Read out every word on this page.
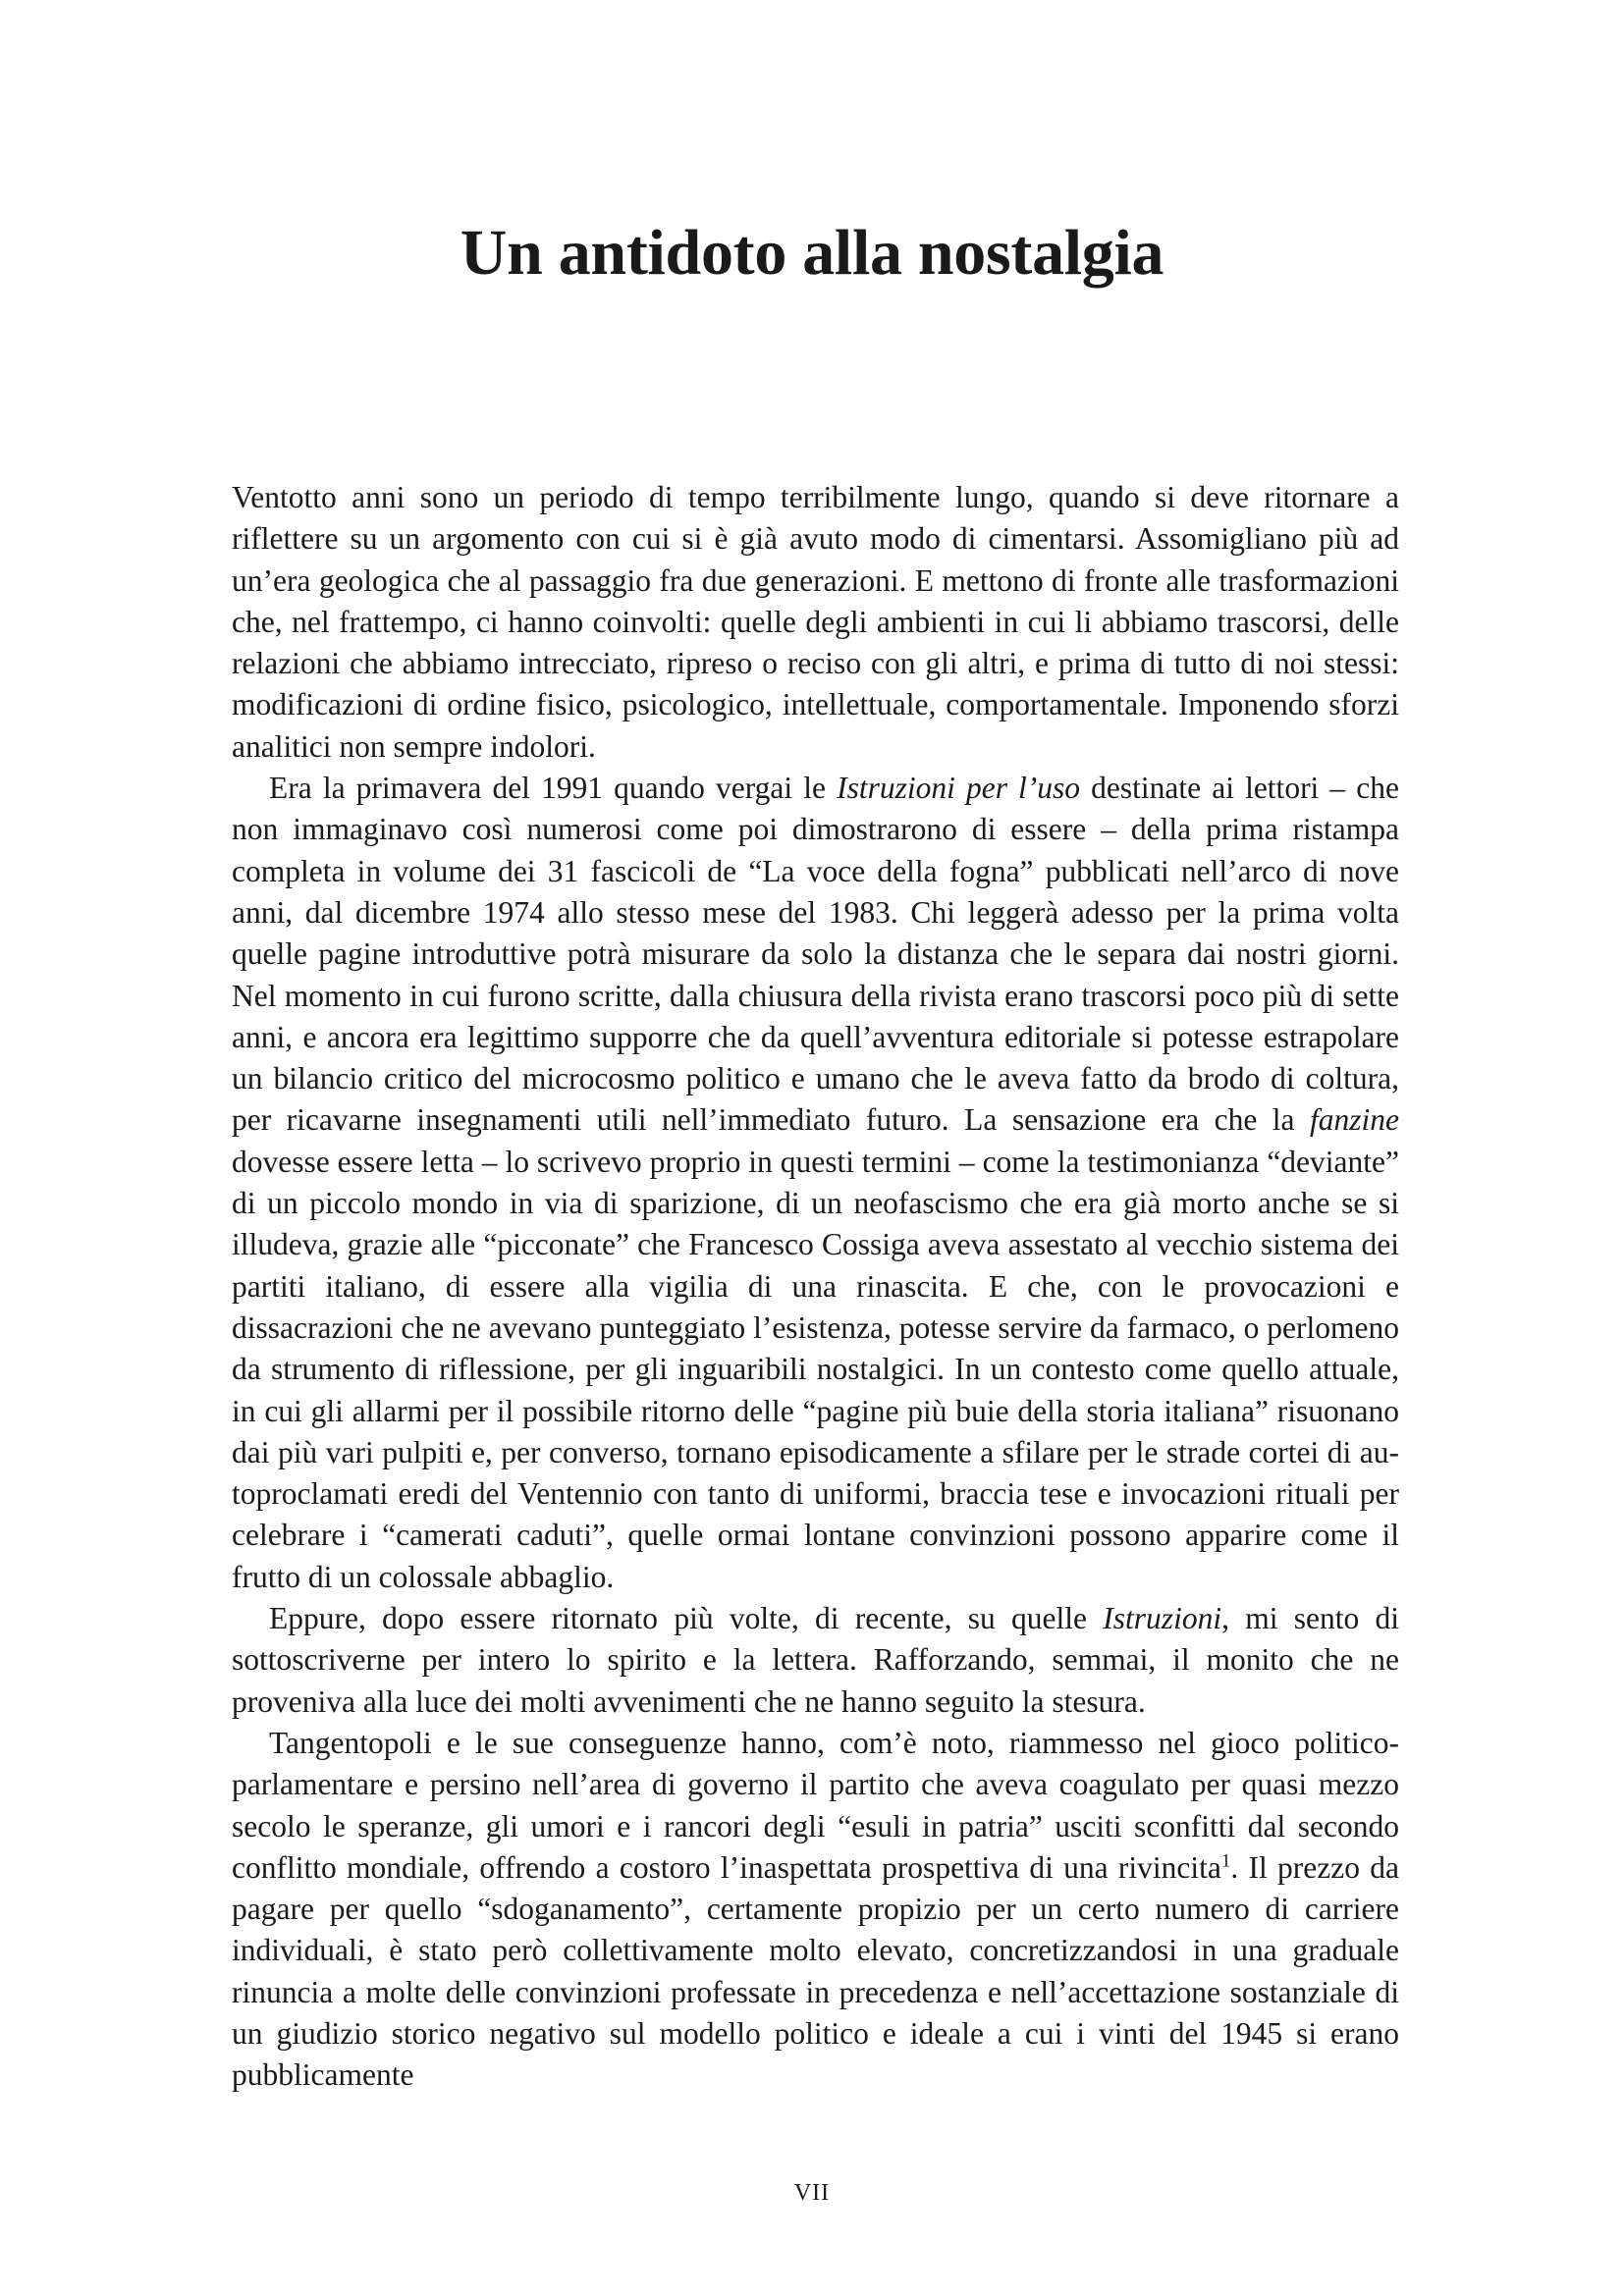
Un antidoto alla nostalgia

Ventotto anni sono un periodo di tempo terribilmente lungo, quando si deve ritornare a riflettere su un argomento con cui si è già avuto modo di cimentarsi. Assomigliano più ad un’era geologica che al passaggio fra due generazioni. E mettono di fronte alle trasformazioni che, nel frattempo, ci hanno coinvolti: quelle degli ambienti in cui li abbiamo trascorsi, delle relazioni che abbiamo intrecciato, ripreso o reciso con gli altri, e prima di tutto di noi stessi: modificazioni di ordine fisico, psicologico, intellettuale, comportamentale. Imponendo sforzi analitici non sempre indolori.

Era la primavera del 1991 quando vergai le Istruzioni per l’uso destinate ai lettori – che non immaginavo così numerosi come poi dimostrarono di essere – della prima ristampa completa in volume dei 31 fascicoli de “La voce della fogna” pubblicati nell’arco di nove anni, dal dicembre 1974 allo stesso mese del 1983. Chi leggerà adesso per la prima volta quelle pagine introduttive potrà misurare da solo la distanza che le separa dai nostri giorni. Nel momento in cui furono scritte, dalla chiusura della rivista erano trascorsi poco più di sette anni, e ancora era legittimo supporre che da quell’avventura editoriale si potesse estrapolare un bilancio critico del microcosmo politico e umano che le aveva fatto da brodo di coltura, per ricavarne insegnamenti utili nell’immediato futuro. La sensazione era che la fanzine dovesse essere letta – lo scrivevo proprio in questi termini – come la testimonianza “deviante” di un piccolo mondo in via di sparizione, di un neofascismo che era già morto anche se si illudeva, grazie alle “picconate” che Francesco Cossiga aveva assestato al vecchio sistema dei partiti italiano, di essere alla vigilia di una rinascita. E che, con le provocazioni e dissacrazioni che ne avevano punteggiato l’esistenza, potesse servire da farmaco, o perlomeno da strumento di riflessione, per gli inguaribili nostalgici. In un contesto come quello attuale, in cui gli allarmi per il possibile ritorno delle “pagine più buie della storia italiana” risuonano dai più vari pulpiti e, per converso, tornano episodicamente a sfilare per le strade cortei di autoproclamati eredi del Ventennio con tanto di uniformi, braccia tese e invocazioni rituali per celebrare i “camerati caduti”, quelle ormai lontane convinzioni possono apparire come il frutto di un colossale abbaglio.

Eppure, dopo essere ritornato più volte, di recente, su quelle Istruzioni, mi sento di sottoscriverne per intero lo spirito e la lettera. Rafforzando, semmai, il monito che ne proveniva alla luce dei molti avvenimenti che ne hanno seguito la stesura.

Tangentopoli e le sue conseguenze hanno, com’è noto, riammesso nel gioco politico-parlamentare e persino nell’area di governo il partito che aveva coagulato per quasi mezzo secolo le speranze, gli umori e i rancori degli “esuli in patria” usciti sconfitti dal secondo conflitto mondiale, offrendo a costoro l’inaspettata prospettiva di una rivincita$^1$. Il prezzo da pagare per quello “sdoganamento”, certamente propizio per un certo numero di carriere individuali, è stato però collettivamente molto elevato, concretizzandosi in una graduale rinuncia a molte delle convinzioni professate in precedenza e nell’accettazione sostanziale di un giudizio storico negativo sul modello politico e ideale a cui i vinti del 1945 si erano pubblicamente

VII
